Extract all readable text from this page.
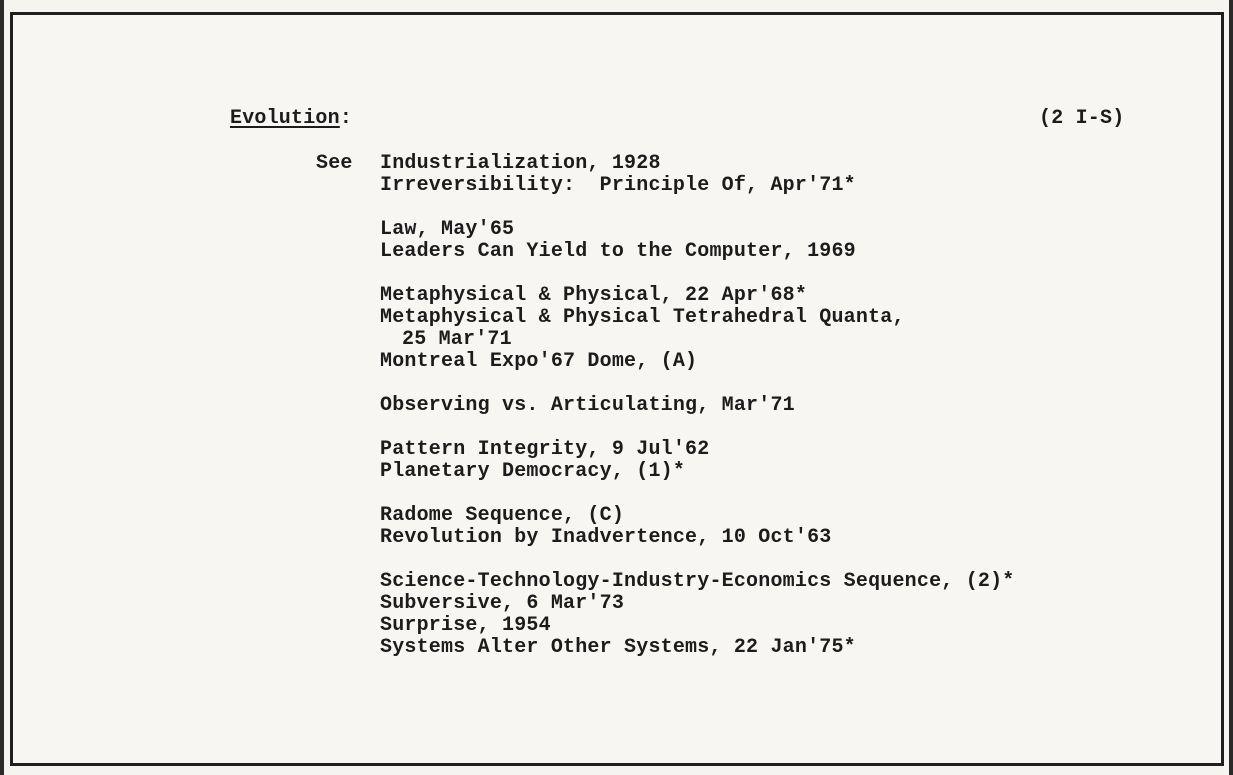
Evolution:	(2 I-S)
See Industrialization, 1928
Irreversibility:  Principle Of, Apr'71*
Law, May'65
Leaders Can Yield to the Computer, 1969
Metaphysical & Physical, 22 Apr'68*
Metaphysical & Physical Tetrahedral Quanta,
25 Mar'71
Montreal Expo'67 Dome, (A)
Observing vs. Articulating, Mar'71
Pattern Integrity, 9 Jul'62
Planetary Democracy, (1)*
Radome Sequence, (C)
Revolution by Inadvertence, 10 Oct'63
Science-Technology-Industry-Economics Sequence, (2)*
Subversive, 6 Mar'73
Surprise, 1954
Systems Alter Other Systems, 22 Jan'75*
